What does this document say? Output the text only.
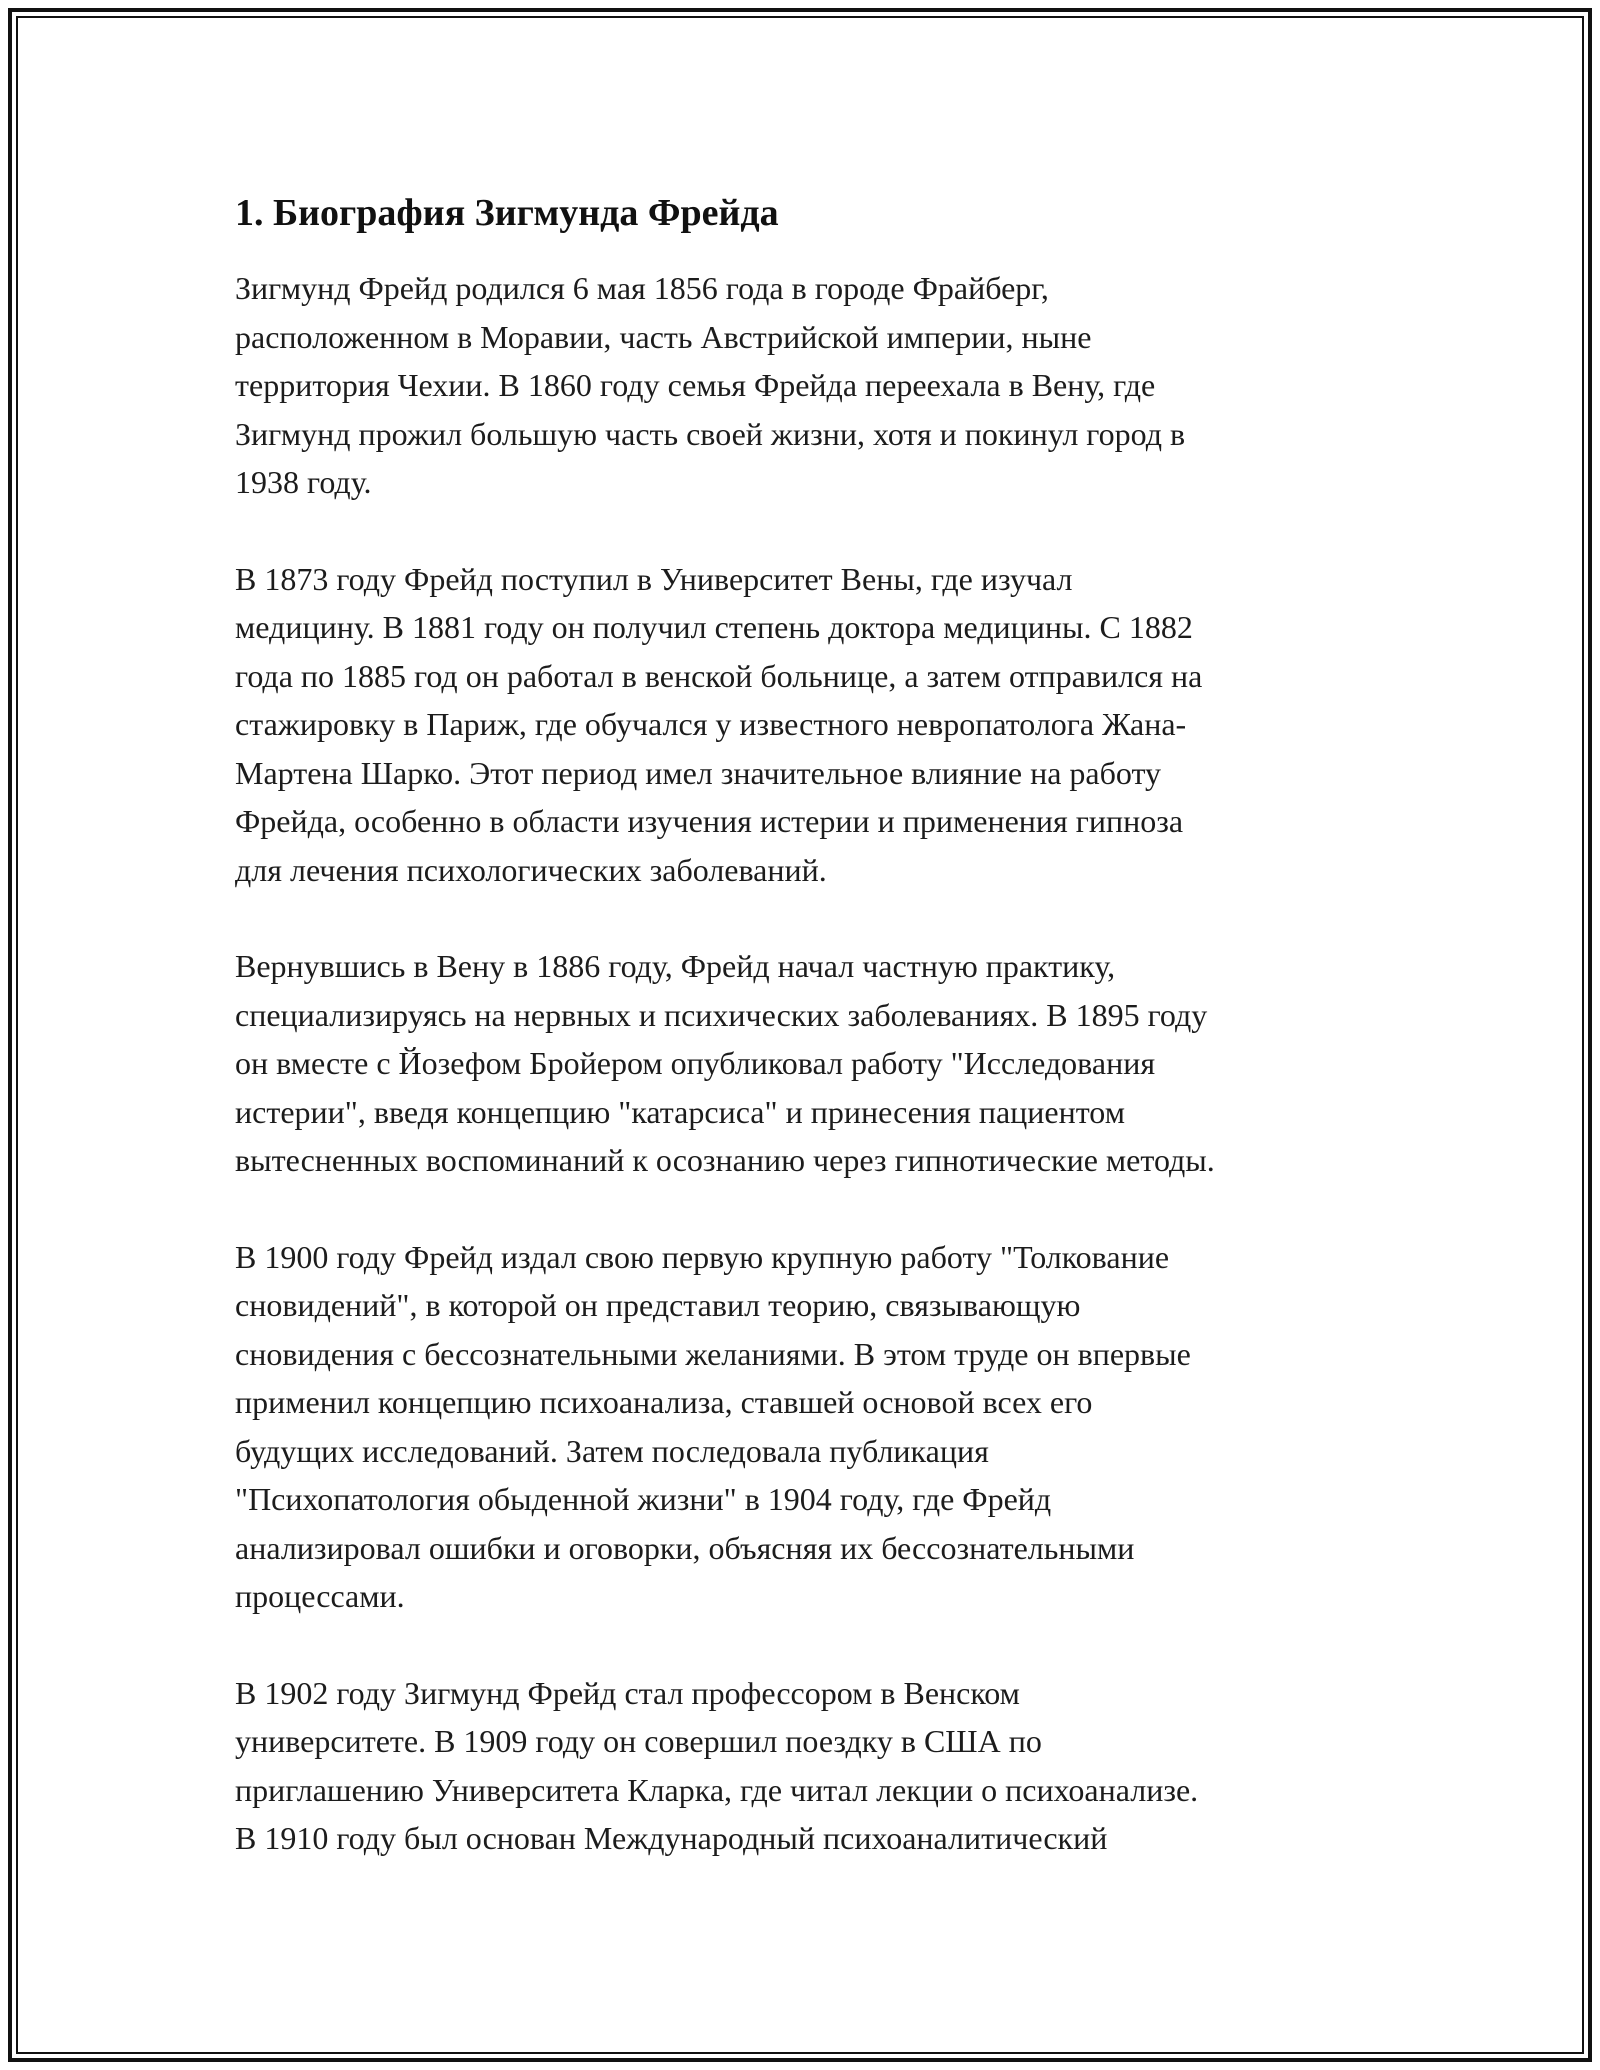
1. Биография Зигмунда Фрейда

Зигмунд Фрейд родился 6 мая 1856 года в городе Фрайберг,
расположенном в Моравии, часть Австрийской империи, ныне
территория Чехии. В 1860 году семья Фрейда переехала в Вену, где
Зигмунд прожил большую часть своей жизни, хотя и покинул город в
1938 году.

В 1873 году Фрейд поступил в Университет Вены, где изучал
медицину. В 1881 году он получил степень доктора медицины. С 1882
года по 1885 год он работал в венской больнице, а затем отправился на
стажировку в Париж, где обучался у известного невропатолога Жана-
Мартена Шарко. Этот период имел значительное влияние на работу
Фрейда, особенно в области изучения истерии и применения гипноза
для лечения психологических заболеваний.

Вернувшись в Вену в 1886 году, Фрейд начал частную практику,
специализируясь на нервных и психических заболеваниях. В 1895 году
он вместе с Йозефом Бройером опубликовал работу "Исследования
истерии", введя концепцию "катарсиса" и принесения пациентом
вытесненных воспоминаний к осознанию через гипнотические методы.

В 1900 году Фрейд издал свою первую крупную работу "Толкование
сновидений", в которой он представил теорию, связывающую
сновидения с бессознательными желаниями. В этом труде он впервые
применил концепцию психоанализа, ставшей основой всех его
будущих исследований. Затем последовала публикация
"Психопатология обыденной жизни" в 1904 году, где Фрейд
анализировал ошибки и оговорки, объясняя их бессознательными
процессами.

В 1902 году Зигмунд Фрейд стал профессором в Венском
университете. В 1909 году он совершил поездку в США по
приглашению Университета Кларка, где читал лекции о психоанализе.
В 1910 году был основан Международный психоаналитический
